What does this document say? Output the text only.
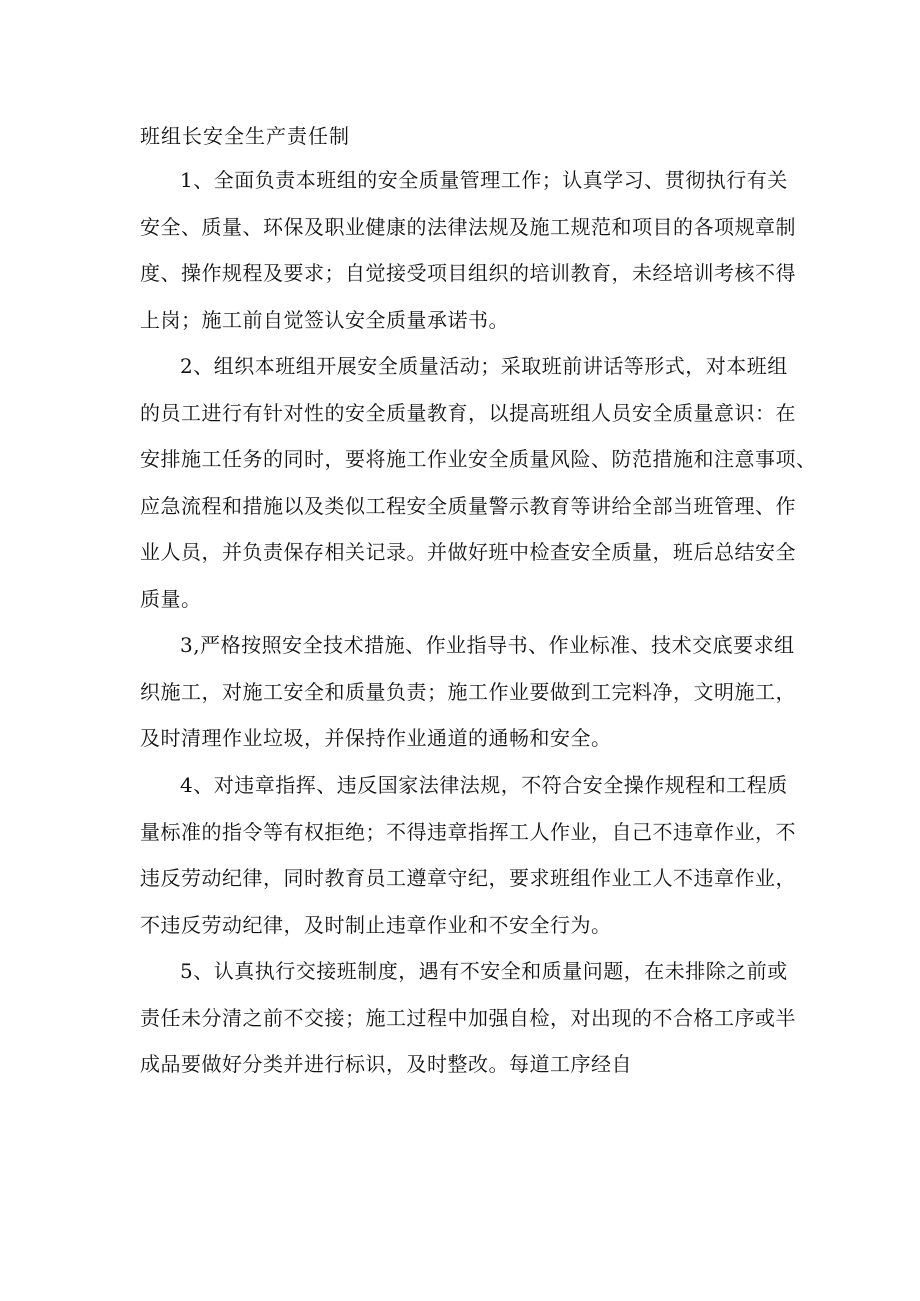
班组长安全生产责任制
1、全面负责本班组的安全质量管理工作；认真学习、贯彻执行有关
安全、质量、环保及职业健康的法律法规及施工规范和项目的各项规章制
度、操作规程及要求；自觉接受项目组织的培训教育，未经培训考核不得
上岗；施工前自觉签认安全质量承诺书。
2、组织本班组开展安全质量活动；采取班前讲话等形式，对本班组
的员工进行有针对性的安全质量教育，以提高班组人员安全质量意识：在
安排施工任务的同时，要将施工作业安全质量风险、防范措施和注意事项、
应急流程和措施以及类似工程安全质量警示教育等讲给全部当班管理、作
业人员，并负责保存相关记录。并做好班中检查安全质量，班后总结安全
质量。
3,严格按照安全技术措施、作业指导书、作业标准、技术交底要求组
织施工，对施工安全和质量负责；施工作业要做到工完料净，文明施工，
及时清理作业垃圾，并保持作业通道的通畅和安全。
4、对违章指挥、违反国家法律法规，不符合安全操作规程和工程质
量标准的指令等有权拒绝；不得违章指挥工人作业，自己不违章作业，不
违反劳动纪律，同时教育员工遵章守纪，要求班组作业工人不违章作业，
不违反劳动纪律，及时制止违章作业和不安全行为。
5、认真执行交接班制度，遇有不安全和质量问题，在未排除之前或
责任未分清之前不交接；施工过程中加强自检，对出现的不合格工序或半
成品要做好分类并进行标识，及时整改。每道工序经自
